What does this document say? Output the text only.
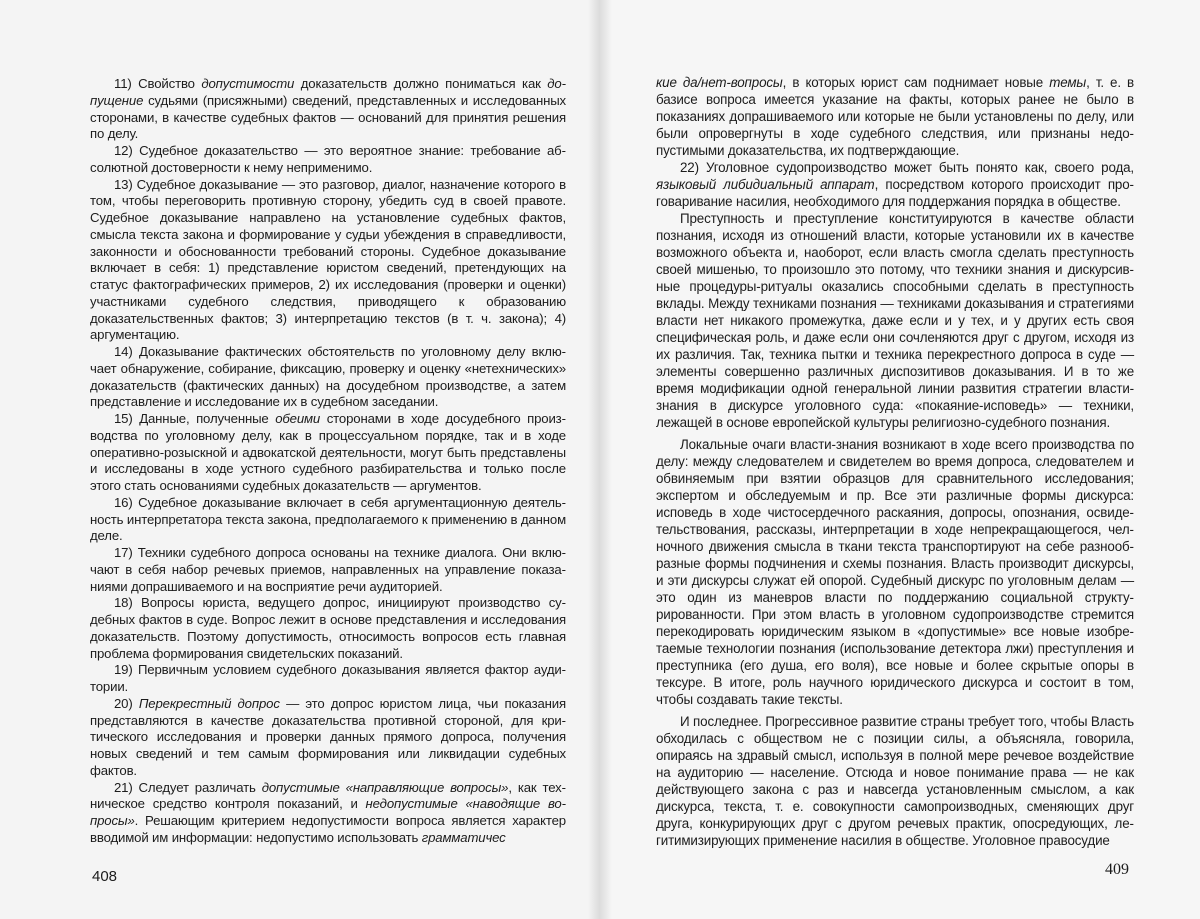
11) Свойство допустимости доказательств должно пониматься как допущение судьями (присяжными) сведений, представленных и исследованных сторонами, в качестве судебных фактов — оснований для принятия решения по делу.

12) Судебное доказательство — это вероятное знание: требование абсолютной достоверности к нему неприменимо.

13) Судебное доказывание — это разговор, диалог, назначение которого в том, чтобы переговорить противную сторону, убедить суд в своей правоте. Судебное доказывание направлено на установление судебных фактов, смысла текста закона и формирование у судьи убеждения в справедливости, законности и обоснованности требований стороны. Судебное доказывание включает в себя: 1) представление юристом сведений, претендующих на статус фактографических примеров, 2) их исследования (проверки и оценки) участниками судебного следствия, приводящего к образованию доказательственных фактов; 3) интерпретацию текстов (в т. ч. закона); 4) аргументацию.

14) Доказывание фактических обстоятельств по уголовному делу включает обнаружение, собирание, фиксацию, проверку и оценку «нетехнических» доказательств (фактических данных) на досудебном производстве, а затем представление и исследование их в судебном заседании.

15) Данные, полученные обеими сторонами в ходе досудебного производства по уголовному делу, как в процессуальном порядке, так и в ходе оперативно-розыскной и адвокатской деятельности, могут быть представлены и исследованы в ходе устного судебного разбирательства и только после этого стать основаниями судебных доказательств — аргументов.

16) Судебное доказывание включает в себя аргументационную деятельность интерпретатора текста закона, предполагаемого к применению в данном деле.

17) Техники судебного допроса основаны на технике диалога. Они включают в себя набор речевых приемов, направленных на управление показаниями допрашиваемого и на восприятие речи аудиторией.

18) Вопросы юриста, ведущего допрос, инициируют производство судебных фактов в суде. Вопрос лежит в основе представления и исследования доказательств. Поэтому допустимость, относимость вопросов есть главная проблема формирования свидетельских показаний.

19) Первичным условием судебного доказывания является фактор аудитории.

20) Перекрестный допрос — это допрос юристом лица, чьи показания представляются в качестве доказательства противной стороной, для критического исследования и проверки данных прямого допроса, получения новых сведений и тем самым формирования или ликвидации судебных фактов.

21) Следует различать допустимые «направляющие вопросы», как техническое средство контроля показаний, и недопустимые «наводящие вопросы». Решающим критерием недопустимости вопроса является характер вводимой им информации: недопустимо использовать грамматичес

408

кие да/нет-вопросы, в которых юрист сам поднимает новые темы, т. е. в базисе вопроса имеется указание на факты, которых ранее не было в показаниях допрашиваемого или которые не были установлены по делу, или были опровергнуты в ходе судебного следствия, или признаны недопустимыми доказательства, их подтверждающие.

22) Уголовное судопроизводство может быть понято как, своего рода, языковый либидиальный аппарат, посредством которого происходит проговаривание насилия, необходимого для поддержания порядка в обществе.

Преступность и преступление конституируются в качестве области познания, исходя из отношений власти, которые установили их в качестве возможного объекта и, наоборот, если власть смогла сделать преступность своей мишенью, то произошло это потому, что техники знания и дискурсивные процедуры-ритуалы оказались способными сделать в преступность вклады. Между техниками познания — техниками доказывания и стратегиями власти нет никакого промежутка, даже если и у тех, и у других есть своя специфическая роль, и даже если они сочленяются друг с другом, исходя из их различия. Так, техника пытки и техника перекрестного допроса в суде — элементы совершенно различных диспозитивов доказывания. И в то же время модификации одной генеральной линии развития стратегии власти-знания в дискурсе уголовного суда: «покаяние-исповедь» — техники, лежащей в основе европейской культуры религиозно-судебного познания.

Локальные очаги власти-знания возникают в ходе всего производства по делу: между следователем и свидетелем во время допроса, следователем и обвиняемым при взятии образцов для сравнительного исследования; экспертом и обследуемым и пр. Все эти различные формы дискурса: исповедь в ходе чистосердечного раскаяния, допросы, опознания, освидетельствования, рассказы, интерпретации в ходе непрекращающегося, челночного движения смысла в ткани текста транспортируют на себе разнообразные формы подчинения и схемы познания. Власть производит дискурсы, и эти дискурсы служат ей опорой. Судебный дискурс по уголовным делам — это один из маневров власти по поддержанию социальной структурированности. При этом власть в уголовном судопроизводстве стремится перекодировать юридическим языком в «допустимые» все новые изобретаемые технологии познания (использование детектора лжи) преступления и преступника (его душа, его воля), все новые и более скрытые опоры в тексуре. В итоге, роль научного юридического дискурса и состоит в том, чтобы создавать такие тексты.

И последнее. Прогрессивное развитие страны требует того, чтобы Власть обходилась с обществом не с позиции силы, а объясняла, говорила, опираясь на здравый смысл, используя в полной мере речевое воздействие на аудиторию — население. Отсюда и новое понимание права — не как действующего закона с раз и навсегда установленным смыслом, а как дискурса, текста, т. е. совокупности самопроизводных, сменяющих друг друга, конкурирующих друг с другом речевых практик, опосредующих, легитимизирующих применение насилия в обществе. Уголовное правосудие

409
